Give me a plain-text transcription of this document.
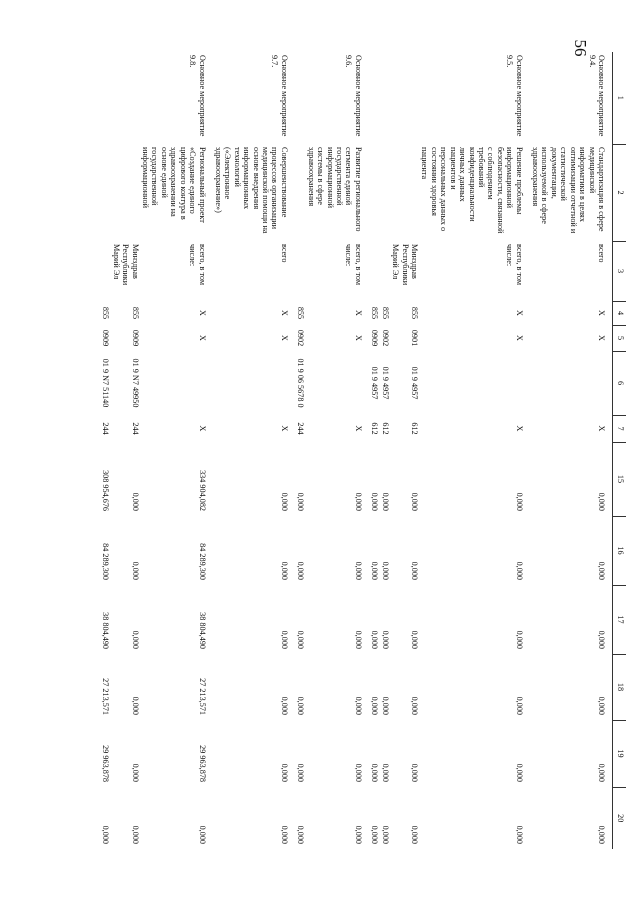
56
1	2	3	4	5	6	7	15	16	17	18	19	20
Основное мероприятие 9.4.	Стандартизация в сфере медицинской информатики в целях оптимизации отчетной и статистической документации, используемой в сфере здравоохранения	всего	X	X		X	0,000	0,000	0,000	0,000	0,000	0,000
Основное мероприятие 9.5.	Решение проблемы информационной безопасности, связанной с соблюдением требований конфиденциальности личных данных пациентов и персональных данных о состоянии здоровья пациента	всего, в том числе:	X	X		X	0,000	0,000	0,000	0,000	0,000	0,000
		Минздрав Республики Марий Эл	855	0901	01 9 4957	612	0,000	0,000	0,000	0,000	0,000	0,000
			855	0902	01 9 4957	612	0,000	0,000	0,000	0,000	0,000	0,000
			855	0909	01 9 4957	612	0,000	0,000	0,000	0,000	0,000	0,000
Основное мероприятие 9.6.	Развитие регионального сегмента единой государственной информационной системы в сфере здравоохранения	всего, в том числе:	X	X		X	0,000	0,000	0,000	0,000	0,000	0,000
			855	0902	01 9 06 5678 0	244	0,000	0,000	0,000	0,000	0,000	0,000
Основное мероприятие 9.7.	Совершенствование процессов организации медицинской помощи на основе внедрения информационных технологий («Электронное здравоохранение»)	всего	X	X		X	0,000	0,000	0,000	0,000	0,000	0,000
Основное мероприятие 9.8.	Региональный проект «Создание единого цифрового контура в здравоохранении на основе единой государственной информационной	всего, в том числе:	X	X		X	334 904,082	84 289,300	38 804,490	27 213,571	29 963,878	0,000
		Минздрав Республики Марий Эл	855	0909	01 9 N7 49950	244	0,000	0,000	0,000	0,000	0,000	0,000
			855	0909	01 9 N7 51140	244	308 954,676	84 289,300	38 804,490	27 213,571	29 963,878	0,000
